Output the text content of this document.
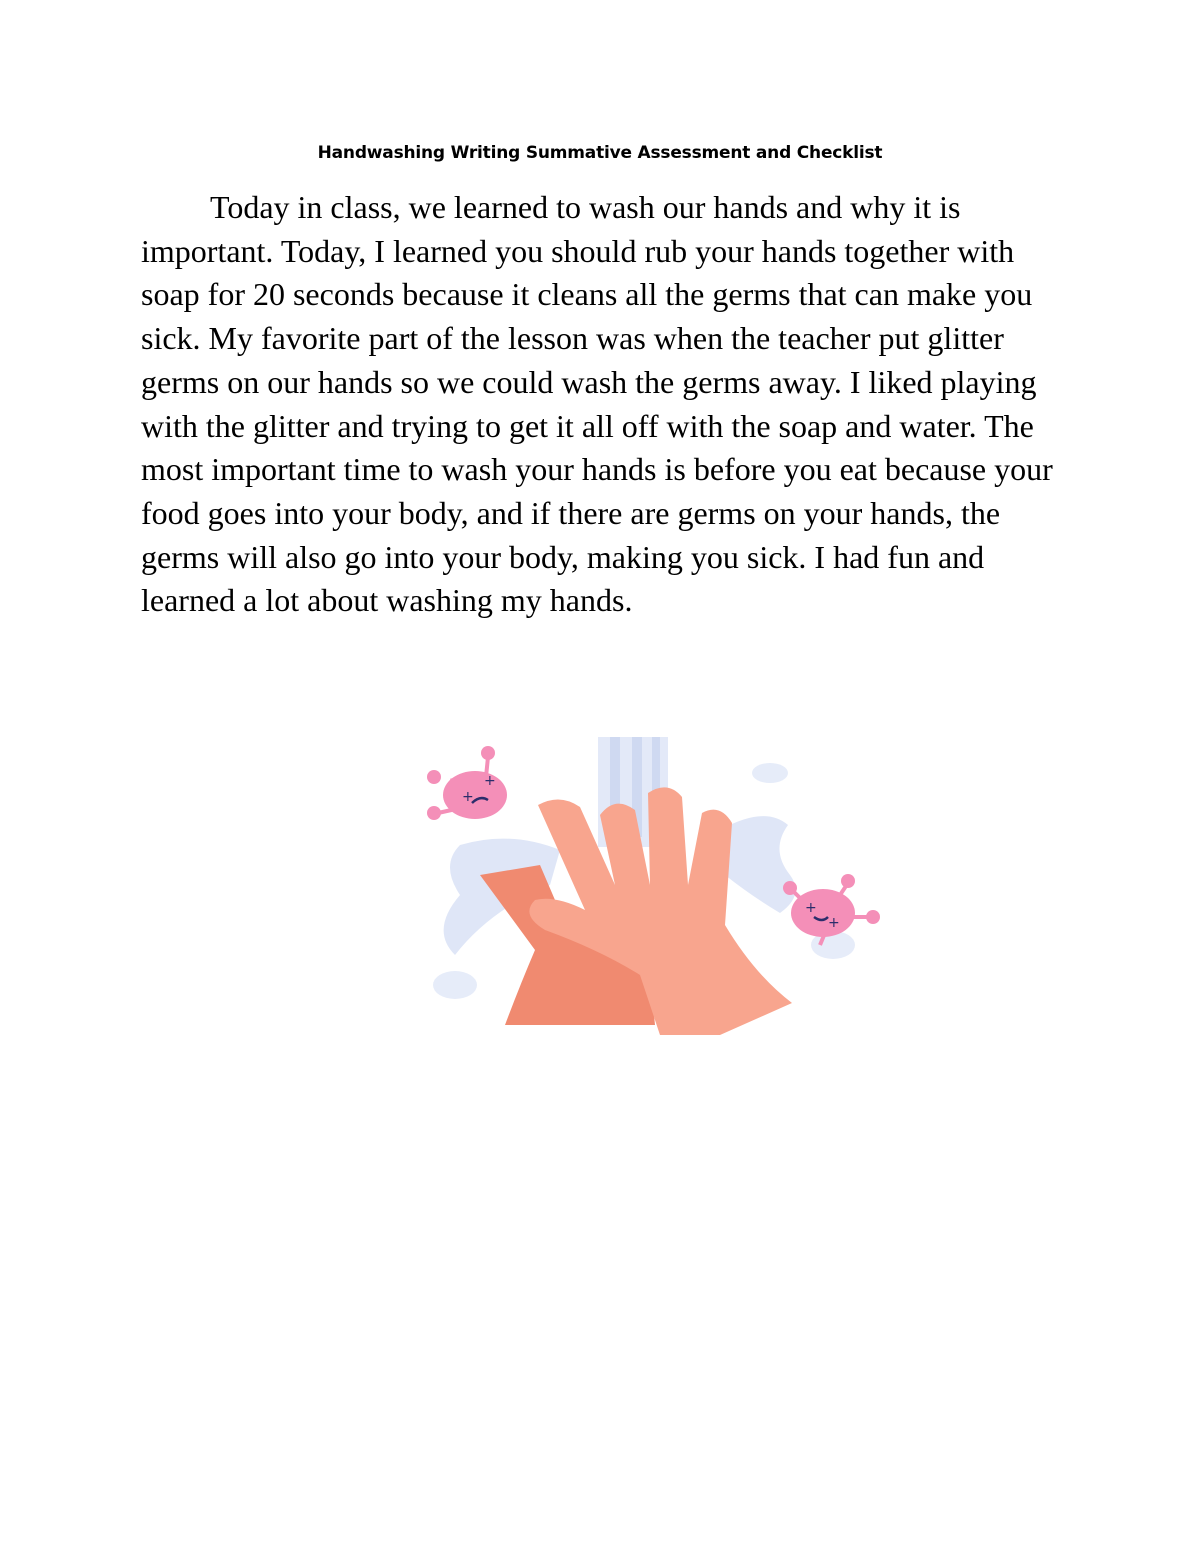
Handwashing Writing Summative Assessment and Checklist

Today in class, we learned to wash our hands and why it is important. Today, I learned you should rub your hands together with soap for 20 seconds because it cleans all the germs that can make you sick. My favorite part of the lesson was when the teacher put glitter germs on our hands so we could wash the germs away. I liked playing with the glitter and trying to get it all off with the soap and water. The most important time to wash your hands is before you eat because your food goes into your body, and if there are germs on your hands, the germs will also go into your body, making you sick. I had fun and learned a lot about washing my hands.

+
+
+
+
